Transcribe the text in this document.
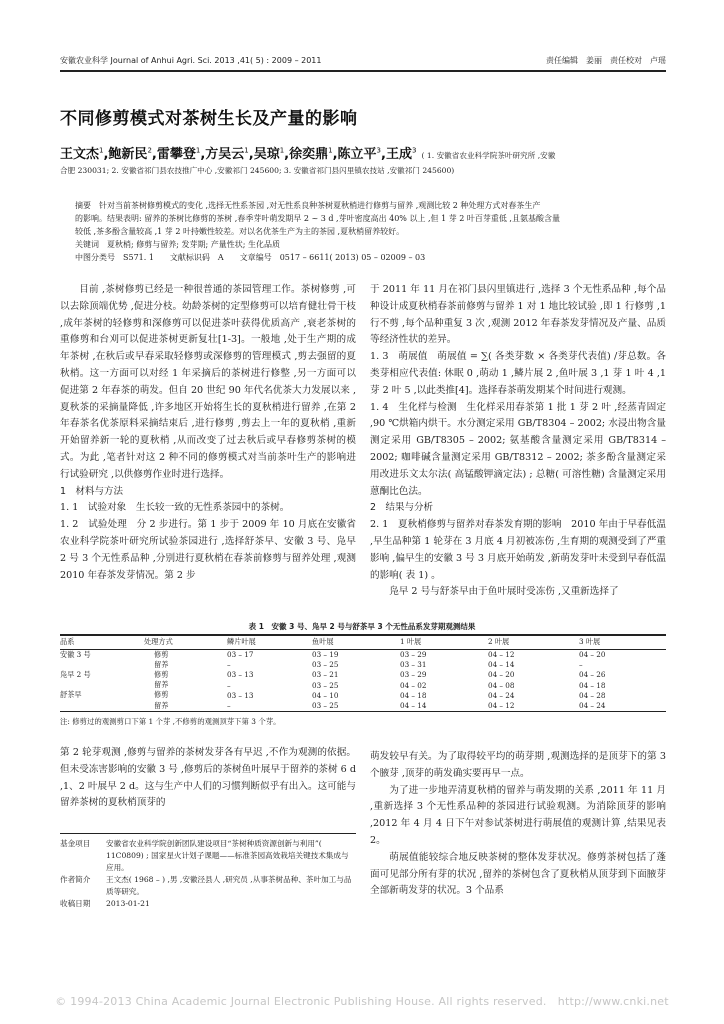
安徽农业科学 Journal of Anhui Agri. Sci. 2013 ,41( 5) : 2009 – 2011	责任编辑　姜丽　责任校对　卢瑶
不同修剪模式对茶树生长及产量的影响
王文杰$^1$,鲍新民$^2$,雷攀登$^1$,方吴云$^1$,吴琼$^1$,徐奕鼎$^1$,陈立平$^3$,王成$^3$ ( 1. 安徽省农业科学院茶叶研究所 ,安徽
合肥 230031; 2. 安徽省祁门县农技推广中心 ,安徽祁门 245600; 3. 安徽省祁门县闪里镇农技站 ,安徽祁门 245600)
摘要　针对当前茶树修剪模式的变化 ,选择无性系茶园 ,对无性系良种茶树夏秋梢进行修剪与留养 ,观测比较 2 种处理方式对春茶生产
的影响。结果表明: 留养的茶树比修剪的茶树 ,春季芽叶萌发期早 2 ~ 3 d ,芽叶密度高出 40% 以上 ,但 1 芽 2 叶百芽重低 ,且氨基酸含量
较低 ,茶多酚含量较高 ,1 芽 2 叶持嫩性较差。对以名优茶生产为主的茶园 ,夏秋梢留养较好。
关键词　夏秋梢; 修剪与留养; 发芽期; 产量性状; 生化品质
中图分类号　S571. 1　　文献标识码　A　　文章编号　0517 – 6611( 2013) 05 – 02009 – 03

目前 ,茶树修剪已经是一种很普通的茶园管理工作。茶树修剪 ,可以去除顶端优势 ,促进分枝。幼龄茶树的定型修剪可以培育健壮骨干枝 ,成年茶树的轻修剪和深修剪可以促进茶叶获得优质高产 ,衰老茶树的重修剪和台刈可以促进茶树更新复壮[1-3]。一般地 ,处于生产期的成年茶树 ,在秋后或早春采取轻修剪或深修剪的管理模式 ,剪去强留的夏秋梢。这一方面可以对经 1 年采摘后的茶树进行修整 ,另一方面可以促进第 2 年春茶的萌发。但自 20 世纪 90 年代名优茶大力发展以来 ,夏秋茶的采摘量降低 ,许多地区开始将生长的夏秋梢进行留养 ,在第 2 年春茶名优茶原料采摘结束后 ,进行修剪 ,剪去上一年的夏秋梢 ,重新开始留养新一轮的夏秋梢 ,从而改变了过去秋后或早春修剪茶树的模式。为此 ,笔者针对这 2 种不同的修剪模式对当前茶叶生产的影响进行试验研究 ,以供修剪作业时进行选择。

1　材料与方法

1. 1　试验对象　生长较一致的无性系茶园中的茶树。

1. 2　试验处理　分 2 步进行。第 1 步于 2009 年 10 月底在安徽省农业科学院茶叶研究所试验茶园进行 ,选择舒茶早、安徽 3 号、凫早 2 号 3 个无性系品种 ,分别进行夏秋梢在春茶前修剪与留养处理 ,观测 2010 年春茶发芽情况。第 2 步

于 2011 年 11 月在祁门县闪里镇进行 ,选择 3 个无性系品种 ,每个品种设计成夏秋梢春茶前修剪与留养 1 对 1 地比较试验 ,即 1 行修剪 ,1 行不剪 ,每个品种重复 3 次 ,观测 2012 年春茶发芽情况及产量、品质等经济性状的差异。

1. 3　萌展值　萌展值 = ∑( 各类芽数 × 各类芽代表值) /芽总数。各类芽相应代表值: 休眠 0 ,萌动 1 ,鳞片展 2 ,鱼叶展 3 ,1 芽 1 叶 4 ,1 芽 2 叶 5 ,以此类推[4]。选择春茶萌发期某个时间进行观测。

1. 4　生化样与检测　生化样采用春茶第 1 批 1 芽 2 叶 ,经蒸青固定 ,90 ℃烘箱内烘干。水分测定采用 GB/T8304 – 2002; 水浸出物含量测定采用 GB/T8305 – 2002; 氨基酸含量测定采用 GB/T8314 – 2002; 咖啡碱含量测定采用 GB/T8312 – 2002; 茶多酚含量测定采用改进乐文太尔法( 高锰酸钾滴定法) ; 总糖( 可溶性糖) 含量测定采用蒽酮比色法。

2　结果与分析

2. 1　夏秋梢修剪与留养对春茶发育期的影响　2010 年由于早春低温 ,早生品种第 1 轮芽在 3 月底 4 月初被冻伤 ,生育期的观测受到了严重影响 ,偏早生的安徽 3 号 3 月底开始萌发 ,新萌发芽叶未受到早春低温的影响( 表 1) 。

凫早 2 号与舒茶早由于鱼叶展时受冻伤 ,又重新选择了

表 1　安徽 3 号、凫早 2 号与舒茶早 3 个无性品系发芽期观测结果
品系	处理方式	鳞片叶展	鱼叶展	1 叶展	2 叶展	3 叶展
安徽 3 号	修剪	03 – 17	03 – 19	03 – 29	04 – 12	04 – 20
	留养	–	03 – 25	03 – 31	04 – 14	–
凫早 2 号	修剪	03 – 13	03 – 21	03 – 29	04 – 20	04 – 26
	留养	–	03 – 25	04 – 02	04 – 08	04 – 18
舒茶早	修剪	03 – 13	04 – 10	04 – 18	04 – 24	04 – 28
	留养	–	03 – 25	04 – 14	04 – 12	04 – 24
注: 修剪过的观测剪口下第 1 个芽 ,不修剪的观测顶芽下第 3 个芽。

第 2 轮芽观测 ,修剪与留养的茶树发芽各有早迟 ,不作为观测的依据。但未受冻害影响的安徽 3 号 ,修剪后的茶树鱼叶展早于留养的茶树 6 d ,1、2 叶展早 2 d。这与生产中人们的习惯判断似乎有出入。这可能与留养茶树的夏秋梢顶芽的

萌发较早有关。为了取得较平均的萌芽期 ,观测选择的是顶芽下的第 3 个腋芽 ,顶芽的萌发确实要再早一点。

为了进一步地弄清夏秋梢的留养与萌发期的关系 ,2011 年 11 月 ,重新选择 3 个无性系品种的茶园进行试验观测。为消除顶芽的影响 ,2012 年 4 月 4 日下午对参试茶树进行萌展值的观测计算 ,结果见表 2。

萌展值能较综合地反映茶树的整体发芽状况。修剪茶树包括了蓬面可见部分所有芽的状况 ,留养的茶树包含了夏秋梢从顶芽到下面腋芽全部新萌发芽的状况。3 个品系

基金项目	安徽省农业科学院创新团队建设项目“茶树种质资源创新与利用”( 11C0809) ; 国家星火计划子课题——标准茶园高效栽培关键技术集成与应用。
作者简介	王文杰( 1968 – ) ,男 ,安徽泾县人 ,研究员 ,从事茶树品种、茶叶加工与品质等研究。
收稿日期	2013-01-21
© 1994-2013 China Academic Journal Electronic Publishing House. All rights reserved.　http://www.cnki.net
